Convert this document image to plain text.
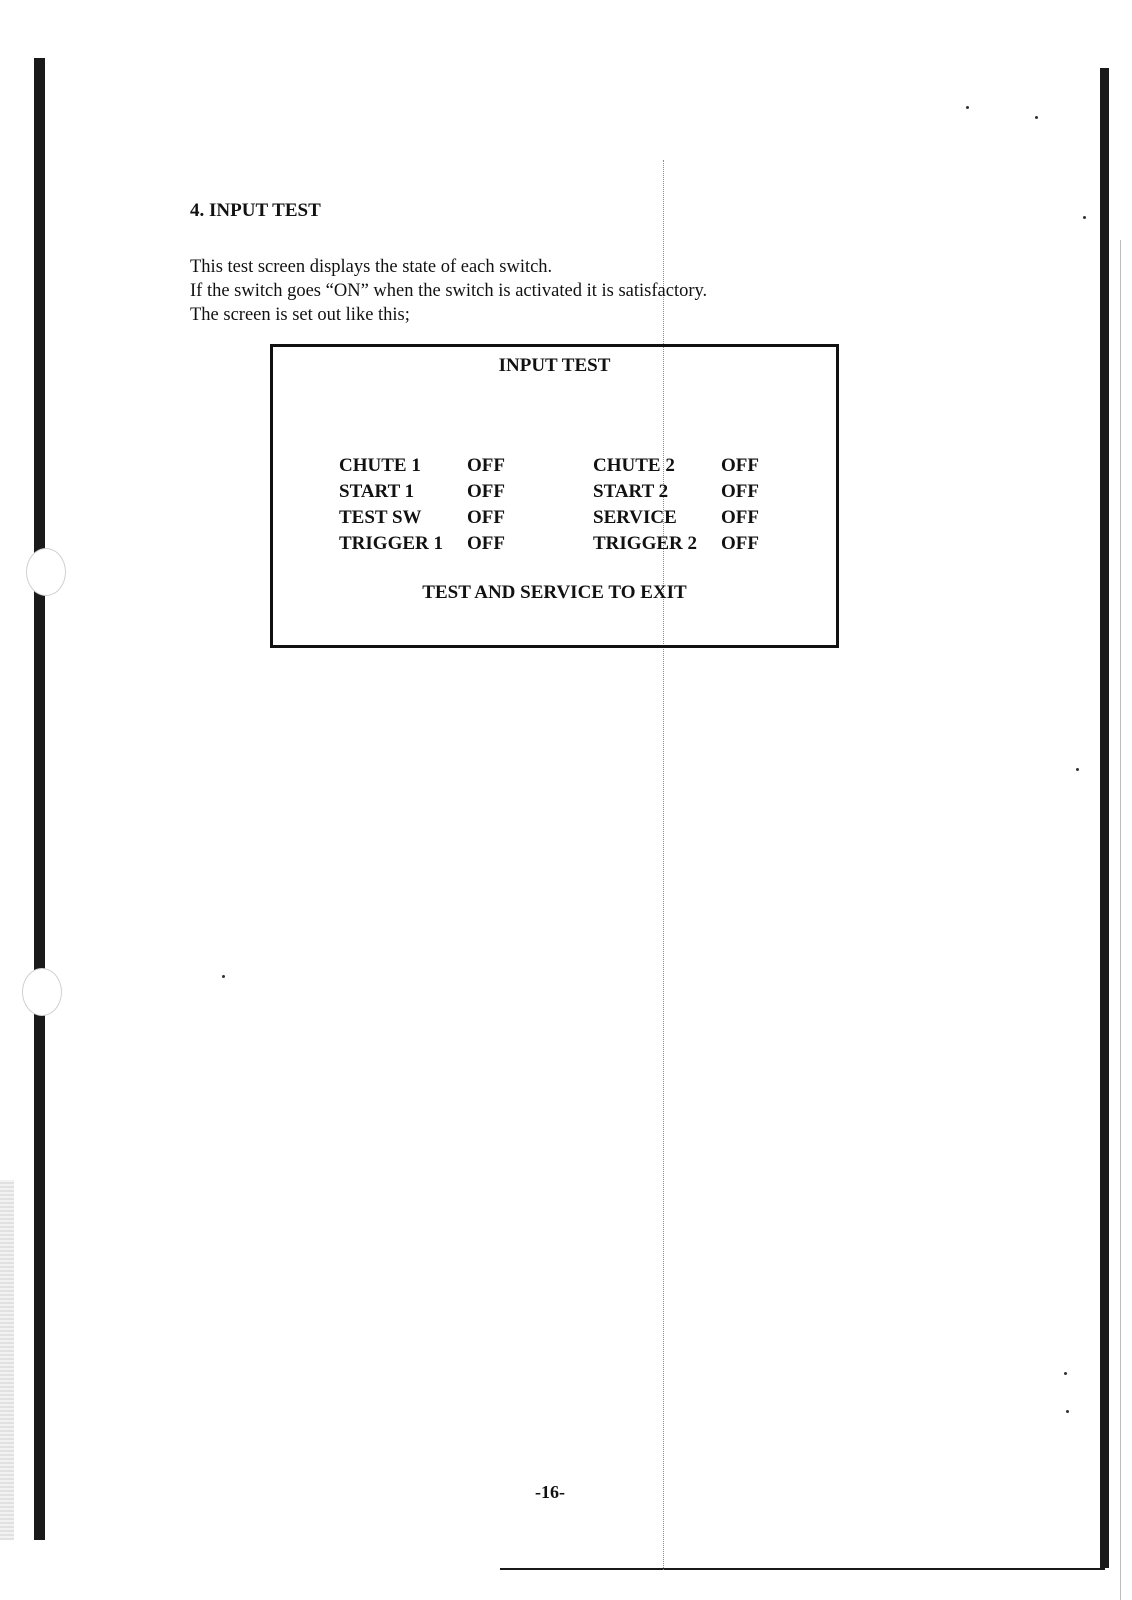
4. INPUT TEST

This test screen displays the state of each switch.

If the switch goes “ON” when the switch is activated it is satisfactory.

The screen is set out like this;

INPUT TEST
CHUTE 1	OFF	CHUTE 2	OFF
START 1	OFF	START 2	OFF
TEST SW	OFF	SERVICE	OFF
TRIGGER 1	OFF	TRIGGER 2	OFF
TEST AND SERVICE TO EXIT
-16-
